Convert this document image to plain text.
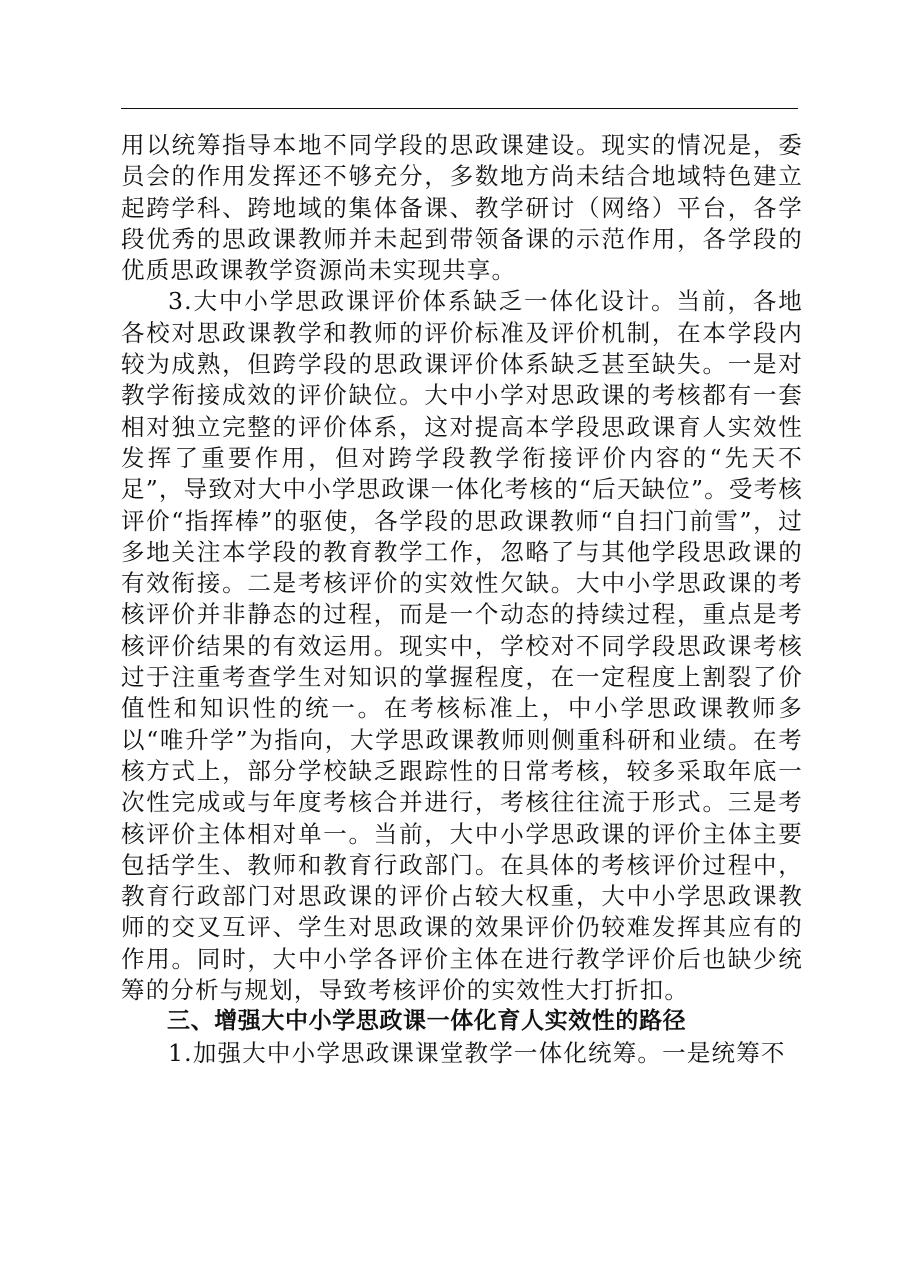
用以统筹指导本地不同学段的思政课建设。现实的情况是，委员会的作用发挥还不够充分，多数地方尚未结合地域特色建立起跨学科、跨地域的集体备课、教学研讨（网络）平台，各学段优秀的思政课教师并未起到带领备课的示范作用，各学段的优质思政课教学资源尚未实现共享。

3.大中小学思政课评价体系缺乏一体化设计。当前，各地各校对思政课教学和教师的评价标准及评价机制，在本学段内较为成熟，但跨学段的思政课评价体系缺乏甚至缺失。一是对教学衔接成效的评价缺位。大中小学对思政课的考核都有一套相对独立完整的评价体系，这对提高本学段思政课育人实效性发挥了重要作用，但对跨学段教学衔接评价内容的“先天不足”，导致对大中小学思政课一体化考核的“后天缺位”。受考核评价“指挥棒”的驱使，各学段的思政课教师“自扫门前雪”，过多地关注本学段的教育教学工作，忽略了与其他学段思政课的有效衔接。二是考核评价的实效性欠缺。大中小学思政课的考核评价并非静态的过程，而是一个动态的持续过程，重点是考核评价结果的有效运用。现实中，学校对不同学段思政课考核过于注重考查学生对知识的掌握程度，在一定程度上割裂了价值性和知识性的统一。在考核标准上，中小学思政课教师多以“唯升学”为指向，大学思政课教师则侧重科研和业绩。在考核方式上，部分学校缺乏跟踪性的日常考核，较多采取年底一次性完成或与年度考核合并进行，考核往往流于形式。三是考核评价主体相对单一。当前，大中小学思政课的评价主体主要包括学生、教师和教育行政部门。在具体的考核评价过程中，教育行政部门对思政课的评价占较大权重，大中小学思政课教师的交叉互评、学生对思政课的效果评价仍较难发挥其应有的作用。同时，大中小学各评价主体在进行教学评价后也缺少统筹的分析与规划，导致考核评价的实效性大打折扣。

三、增强大中小学思政课一体化育人实效性的路径

1.加强大中小学思政课课堂教学一体化统筹。一是统筹不
